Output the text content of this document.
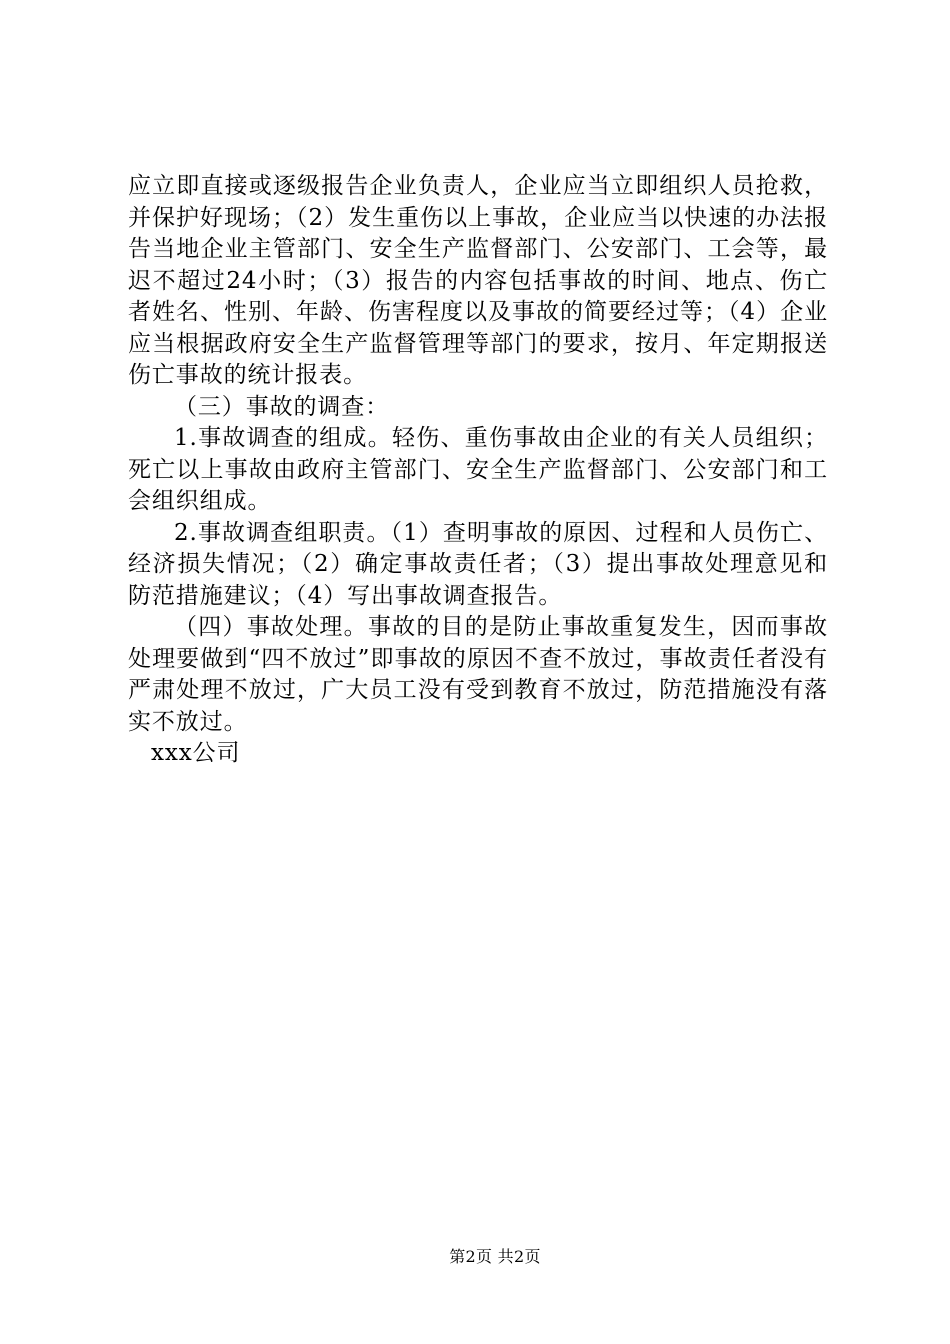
应立即直接或逐级报告企业负责人，企业应当立即组织人员抢救，并保护好现场；（2）发生重伤以上事故，企业应当以快速的办法报告当地企业主管部门、安全生产监督部门、公安部门、工会等，最迟不超过24小时；（3）报告的内容包括事故的时间、地点、伤亡者姓名、性别、年龄、伤害程度以及事故的简要经过等；（4）企业应当根据政府安全生产监督管理等部门的要求，按月、年定期报送伤亡事故的统计报表。

（三）事故的调查：

1.事故调查的组成。轻伤、重伤事故由企业的有关人员组织；死亡以上事故由政府主管部门、安全生产监督部门、公安部门和工会组织组成。

2.事故调查组职责。（1）查明事故的原因、过程和人员伤亡、经济损失情况；（2）确定事故责任者；（3）提出事故处理意见和防范措施建议；（4）写出事故调查报告。

（四）事故处理。事故的目的是防止事故重复发生，因而事故处理要做到“四不放过”即事故的原因不查不放过，事故责任者没有严肃处理不放过，广大员工没有受到教育不放过，防范措施没有落实不放过。

xxx公司

第2页 共2页
